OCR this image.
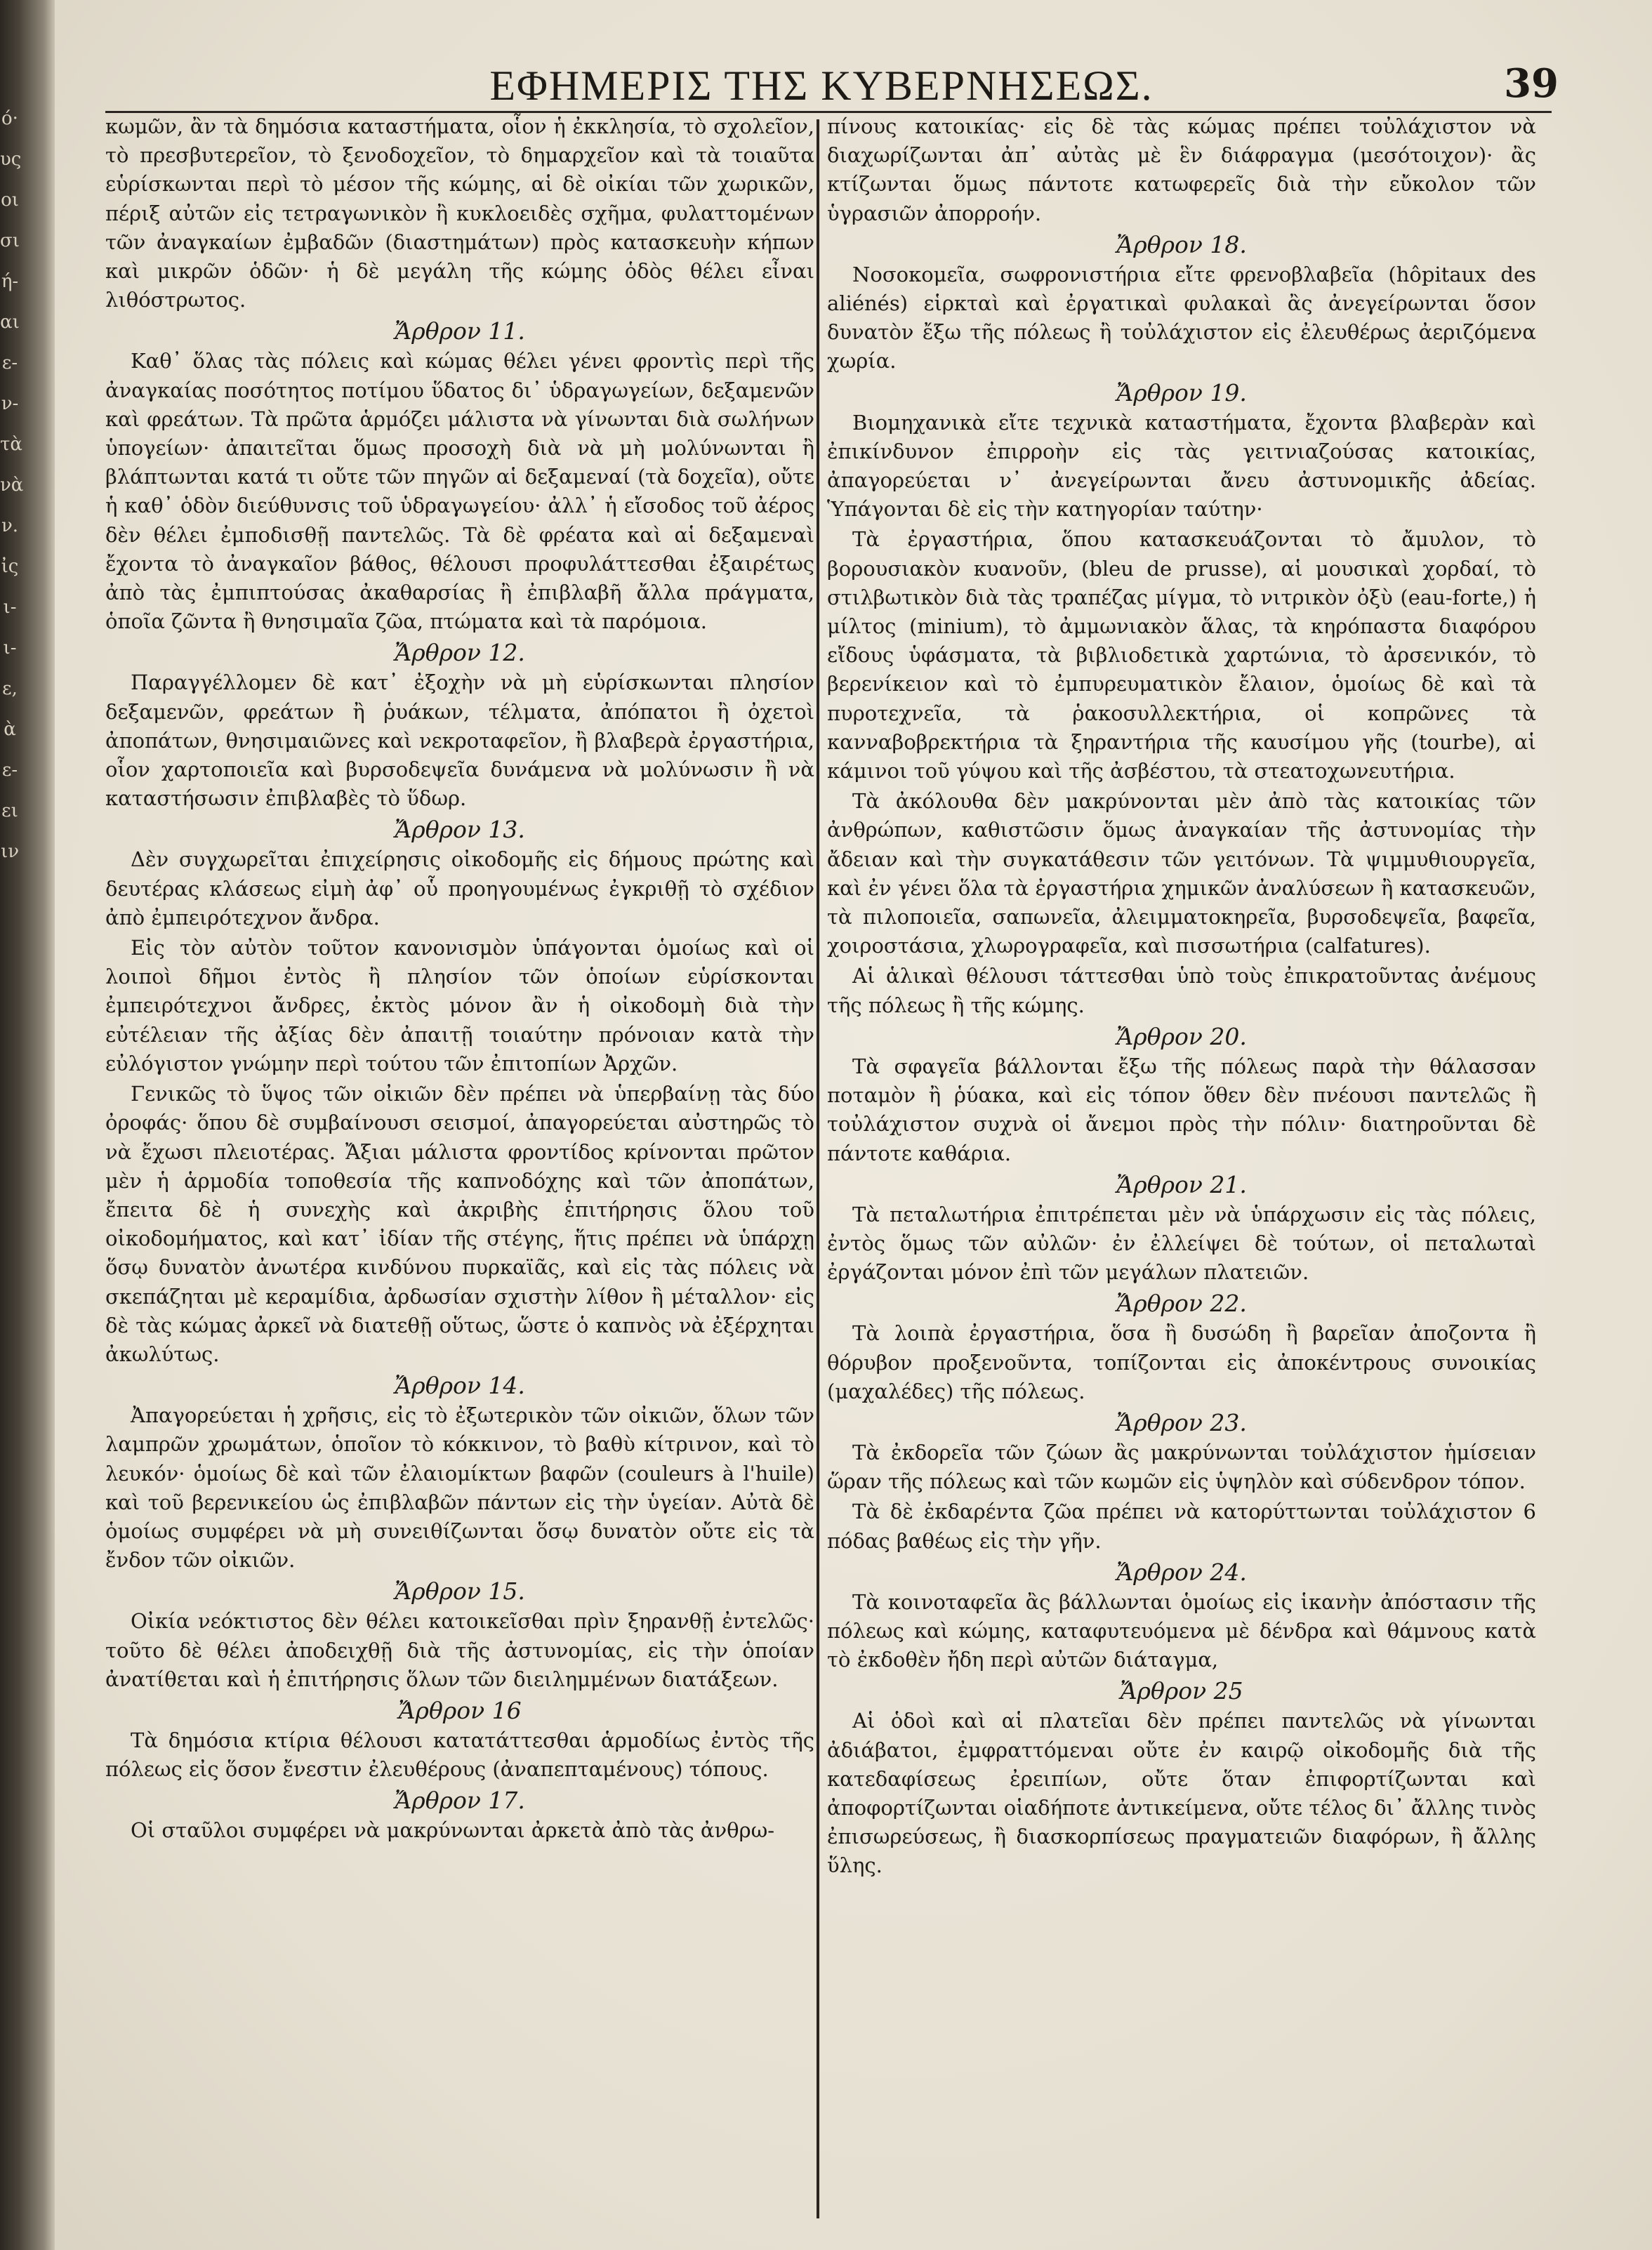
ό·
υς
οι
σι
ή-
αι
ε-
ν-
τὰ
νὰ
ν.
ἰς
ι-
ι-
ε,
ὰ
ε-
ει
ιν
ΕΦΗΜΕΡΙΣ ΤΗΣ ΚΥΒΕΡΝΗΣΕΩΣ.	39

κωμῶν, ἂν τὰ δημόσια καταστήματα, οἷον ἡ ἐκκλησία, τὸ σχολεῖον, τὸ πρεσβυτερεῖον, τὸ ξενοδοχεῖον, τὸ δημαρχεῖον καὶ τὰ τοιαῦτα εὑρίσκωνται περὶ τὸ μέσον τῆς κώμης, αἱ δὲ οἰκίαι τῶν χωρικῶν, πέριξ αὐτῶν εἰς τετραγωνικὸν ἢ κυκλοειδὲς σχῆμα, φυλαττομένων τῶν ἀναγκαίων ἐμβαδῶν (διαστημάτων) πρὸς κατασκευὴν κήπων καὶ μικρῶν ὁδῶν· ἡ δὲ μεγάλη τῆς κώμης ὁδὸς θέλει εἶναι λιθόστρωτος.

Ἄρθρον 11.

Καθ᾽ ὅλας τὰς πόλεις καὶ κώμας θέλει γένει φροντὶς περὶ τῆς ἀναγκαίας ποσότητος ποτίμου ὕδατος δι᾽ ὑδραγωγείων, δεξαμενῶν καὶ φρεάτων. Τὰ πρῶτα ἁρμόζει μάλιστα νὰ γίνωνται διὰ σωλήνων ὑπογείων· ἀπαιτεῖται ὅμως προσοχὴ διὰ νὰ μὴ μολύνωνται ἢ βλάπτωνται κατά τι οὔτε τῶν πηγῶν αἱ δεξαμεναί (τὰ δοχεῖα), οὔτε ἡ καθ᾽ ὁδὸν διεύθυνσις τοῦ ὑδραγωγείου· ἀλλ᾽ ἡ εἴσοδος τοῦ ἀέρος δὲν θέλει ἐμποδισθῇ παντελῶς. Τὰ δὲ φρέατα καὶ αἱ δεξαμεναὶ ἔχοντα τὸ ἀναγκαῖον βάθος, θέλουσι προφυλάττεσθαι ἐξαιρέτως ἀπὸ τὰς ἐμπιπτούσας ἀκαθαρσίας ἢ ἐπιβλαβῆ ἄλλα πράγματα, ὁποῖα ζῶντα ἢ θνησιμαῖα ζῶα, πτώματα καὶ τὰ παρόμοια.

Ἄρθρον 12.

Παραγγέλλομεν δὲ κατ᾽ ἐξοχὴν νὰ μὴ εὑρίσκωνται πλησίον δεξαμενῶν, φρεάτων ἢ ῥυάκων, τέλματα, ἀπόπατοι ἢ ὀχετοὶ ἀποπάτων, θνησιμαιῶνες καὶ νεκροταφεῖον, ἢ βλαβερὰ ἐργαστήρια, οἷον χαρτοποιεῖα καὶ βυρσοδεψεῖα δυνάμενα νὰ μολύνωσιν ἢ νὰ καταστήσωσιν ἐπιβλαβὲς τὸ ὕδωρ.

Ἄρθρον 13.

Δὲν συγχωρεῖται ἐπιχείρησις οἰκοδομῆς εἰς δήμους πρώτης καὶ δευτέρας κλάσεως εἰμὴ ἀφ᾽ οὗ προηγουμένως ἐγκριθῇ τὸ σχέδιον ἀπὸ ἐμπειρότεχνον ἄνδρα.

Εἰς τὸν αὐτὸν τοῦτον κανονισμὸν ὑπάγονται ὁμοίως καὶ οἱ λοιποὶ δῆμοι ἐντὸς ἢ πλησίον τῶν ὁποίων εὑρίσκονται ἐμπειρότεχνοι ἄνδρες, ἐκτὸς μόνον ἂν ἡ οἰκοδομὴ διὰ τὴν εὐτέλειαν τῆς ἀξίας δὲν ἀπαιτῇ τοιαύτην πρόνοιαν κατὰ τὴν εὐλόγιστον γνώμην περὶ τούτου τῶν ἐπιτοπίων Ἀρχῶν.

Γενικῶς τὸ ὕψος τῶν οἰκιῶν δὲν πρέπει νὰ ὑπερβαίνῃ τὰς δύο ὀροφάς· ὅπου δὲ συμβαίνουσι σεισμοί, ἀπαγορεύεται αὐστηρῶς τὸ νὰ ἔχωσι πλειοτέρας. Ἄξιαι μάλιστα φροντίδος κρίνονται πρῶτον μὲν ἡ ἁρμοδία τοποθεσία τῆς καπνοδόχης καὶ τῶν ἀποπάτων, ἔπειτα δὲ ἡ συνεχὴς καὶ ἀκριβὴς ἐπιτήρησις ὅλου τοῦ οἰκοδομήματος, καὶ κατ᾽ ἰδίαν τῆς στέγης, ἥτις πρέπει νὰ ὑπάρχῃ ὅσῳ δυνατὸν ἀνωτέρα κινδύνου πυρκαϊᾶς, καὶ εἰς τὰς πόλεις νὰ σκεπάζηται μὲ κεραμίδια, ἀρδωσίαν σχιστὴν λίθον ἢ μέταλλον· εἰς δὲ τὰς κώμας ἀρκεῖ νὰ διατεθῇ οὕτως, ὥστε ὁ καπνὸς νὰ ἐξέρχηται ἀκωλύτως.

Ἄρθρον 14.

Ἀπαγορεύεται ἡ χρῆσις, εἰς τὸ ἐξωτερικὸν τῶν οἰκιῶν, ὅλων τῶν λαμπρῶν χρωμάτων, ὁποῖον τὸ κόκκινον, τὸ βαθὺ κίτρινον, καὶ τὸ λευκόν· ὁμοίως δὲ καὶ τῶν ἐλαιομίκτων βαφῶν (couleurs à l'huile) καὶ τοῦ βερενικείου ὡς ἐπιβλαβῶν πάντων εἰς τὴν ὑγείαν. Αὐτὰ δὲ ὁμοίως συμφέρει νὰ μὴ συνειθίζωνται ὅσῳ δυνατὸν οὔτε εἰς τὰ ἔνδον τῶν οἰκιῶν.

Ἄρθρον 15.

Οἰκία νεόκτιστος δὲν θέλει κατοικεῖσθαι πρὶν ξηρανθῇ ἐντελῶς· τοῦτο δὲ θέλει ἀποδειχθῇ διὰ τῆς ἀστυνομίας, εἰς τὴν ὁποίαν ἀνατίθεται καὶ ἡ ἐπιτήρησις ὅλων τῶν διειλημμένων διατάξεων.

Ἄρθρον 16

Τὰ δημόσια κτίρια θέλουσι κατατάττεσθαι ἁρμοδίως ἐντὸς τῆς πόλεως εἰς ὅσον ἔνεστιν ἐλευθέρους (ἀναπεπταμένους) τόπους.

Ἄρθρον 17.

Οἱ σταῦλοι συμφέρει νὰ μακρύνωνται ἀρκετὰ ἀπὸ τὰς ἀνθρω-

πίνους κατοικίας· εἰς δὲ τὰς κώμας πρέπει τοὐλάχιστον νὰ διαχωρίζωνται ἀπ᾽ αὐτὰς μὲ ἓν διάφραγμα (μεσότοιχον)· ἂς κτίζωνται ὅμως πάντοτε κατωφερεῖς διὰ τὴν εὔκολον τῶν ὑγρασιῶν ἀπορροήν.

Ἄρθρον 18.

Νοσοκομεῖα, σωφρονιστήρια εἴτε φρενοβλαβεῖα (hôpitaux des aliénés) εἱρκταὶ καὶ ἐργατικαὶ φυλακαὶ ἂς ἀνεγείρωνται ὅσον δυνατὸν ἔξω τῆς πόλεως ἢ τοὐλάχιστον εἰς ἐλευθέρως ἀεριζόμενα χωρία.

Ἄρθρον 19.

Βιομηχανικὰ εἴτε τεχνικὰ καταστήματα, ἔχοντα βλαβερὰν καὶ ἐπικίνδυνον ἐπιρροὴν εἰς τὰς γειτνιαζούσας κατοικίας, ἀπαγορεύεται ν᾽ ἀνεγείρωνται ἄνευ ἀστυνομικῆς ἀδείας. Ὑπάγονται δὲ εἰς τὴν κατηγορίαν ταύτην·

Τὰ ἐργαστήρια, ὅπου κατασκευάζονται τὸ ἄμυλον, τὸ βορουσιακὸν κυανοῦν, (bleu de prusse), αἱ μουσικαὶ χορδαί, τὸ στιλβωτικὸν διὰ τὰς τραπέζας μίγμα, τὸ νιτρικὸν ὀξὺ (eau-forte,) ἡ μίλτος (minium), τὸ ἀμμωνιακὸν ἅλας, τὰ κηρόπαστα διαφόρου εἴδους ὑφάσματα, τὰ βιβλιοδετικὰ χαρτώνια, τὸ ἀρσενικόν, τὸ βερενίκειον καὶ τὸ ἐμπυρευματικὸν ἔλαιον, ὁμοίως δὲ καὶ τὰ πυροτεχνεῖα, τὰ ῥακοσυλλεκτήρια, οἱ κοπρῶνες τὰ κανναβοβρεκτήρια τὰ ξηραντήρια τῆς καυσίμου γῆς (tourbe), αἱ κάμινοι τοῦ γύψου καὶ τῆς ἀσβέστου, τὰ στεατοχωνευτήρια.

Τὰ ἀκόλουθα δὲν μακρύνονται μὲν ἀπὸ τὰς κατοικίας τῶν ἀνθρώπων, καθιστῶσιν ὅμως ἀναγκαίαν τῆς ἀστυνομίας τὴν ἄδειαν καὶ τὴν συγκατάθεσιν τῶν γειτόνων. Τὰ ψιμμυθιουργεῖα, καὶ ἐν γένει ὅλα τὰ ἐργαστήρια χημικῶν ἀναλύσεων ἢ κατασκευῶν, τὰ πιλοποιεῖα, σαπωνεῖα, ἀλειμματοκηρεῖα, βυρσοδεψεῖα, βαφεῖα, χοιροστάσια, χλωρογραφεῖα, καὶ πισσωτήρια (calfatures).

Αἱ ἁλικαὶ θέλουσι τάττεσθαι ὑπὸ τοὺς ἐπικρατοῦντας ἀνέμους τῆς πόλεως ἢ τῆς κώμης.

Ἄρθρον 20.

Τὰ σφαγεῖα βάλλονται ἔξω τῆς πόλεως παρὰ τὴν θάλασσαν ποταμὸν ἢ ῥύακα, καὶ εἰς τόπον ὅθεν δὲν πνέουσι παντελῶς ἢ τοὐλάχιστον συχνὰ οἱ ἄνεμοι πρὸς τὴν πόλιν· διατηροῦνται δὲ πάντοτε καθάρια.

Ἄρθρον 21.

Τὰ πεταλωτήρια ἐπιτρέπεται μὲν νὰ ὑπάρχωσιν εἰς τὰς πόλεις, ἐντὸς ὅμως τῶν αὐλῶν· ἐν ἐλλείψει δὲ τούτων, οἱ πεταλωταὶ ἐργάζονται μόνον ἐπὶ τῶν μεγάλων πλατειῶν.

Ἄρθρον 22.

Τὰ λοιπὰ ἐργαστήρια, ὅσα ἢ δυσώδη ἢ βαρεῖαν ἀποζοντα ἢ θόρυβον προξενοῦντα, τοπίζονται εἰς ἀποκέντρους συνοικίας (μαχαλέδες) τῆς πόλεως.

Ἄρθρον 23.

Τὰ ἐκδορεῖα τῶν ζώων ἂς μακρύνωνται τοὐλάχιστον ἡμίσειαν ὥραν τῆς πόλεως καὶ τῶν κωμῶν εἰς ὑψηλὸν καὶ σύδενδρον τόπον.

Τὰ δὲ ἐκδαρέντα ζῶα πρέπει νὰ κατορύττωνται τοὐλάχιστον 6 πόδας βαθέως εἰς τὴν γῆν.

Ἄρθρον 24.

Τὰ κοινοταφεῖα ἂς βάλλωνται ὁμοίως εἰς ἱκανὴν ἀπόστασιν τῆς πόλεως καὶ κώμης, καταφυτευόμενα μὲ δένδρα καὶ θάμνους κατὰ τὸ ἐκδοθὲν ἤδη περὶ αὐτῶν διάταγμα,

Ἄρθρον 25

Αἱ ὁδοὶ καὶ αἱ πλατεῖαι δὲν πρέπει παντελῶς νὰ γίνωνται ἀδιάβατοι, ἐμφραττόμεναι οὔτε ἐν καιρῷ οἰκοδομῆς διὰ τῆς κατεδαφίσεως ἐρειπίων, οὔτε ὅταν ἐπιφορτίζωνται καὶ ἀποφορτίζωνται οἱαδήποτε ἀντικείμενα, οὔτε τέλος δι᾽ ἄλλης τινὸς ἐπισωρεύσεως, ἢ διασκορπίσεως πραγματειῶν διαφόρων, ἢ ἄλλης ὕλης.
